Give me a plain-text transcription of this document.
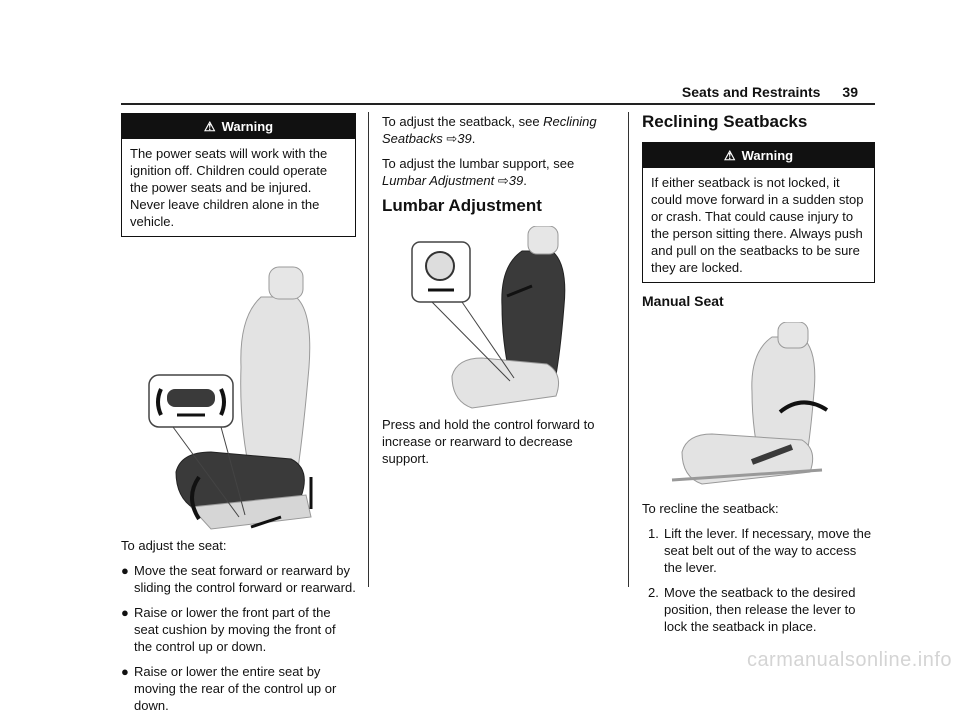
Seats and Restraints 39
⚠ Warning
The power seats will work with the ignition off. Children could operate the power seats and be injured. Never leave children alone in the vehicle.

To adjust the seat:

● Move the seat forward or rearward by sliding the control forward or rearward.
● Raise or lower the front part of the seat cushion by moving the front of the control up or down.
● Raise or lower the entire seat by moving the rear of the control up or down.

To adjust the seatback, see Reclining Seatbacks ⇨39.

To adjust the lumbar support, see Lumbar Adjustment ⇨39.

Lumbar Adjustment

Press and hold the control forward to increase or rearward to decrease support.

Reclining Seatbacks
⚠ Warning
If either seatback is not locked, it could move forward in a sudden stop or crash. That could cause injury to the person sitting there. Always push and pull on the seatbacks to be sure they are locked.
Manual Seat

To recline the seatback:

1. Lift the lever. If necessary, move the seat belt out of the way to access the lever.
2. Move the seatback to the desired position, then release the lever to lock the seatback in place.
carmanualsonline.info
